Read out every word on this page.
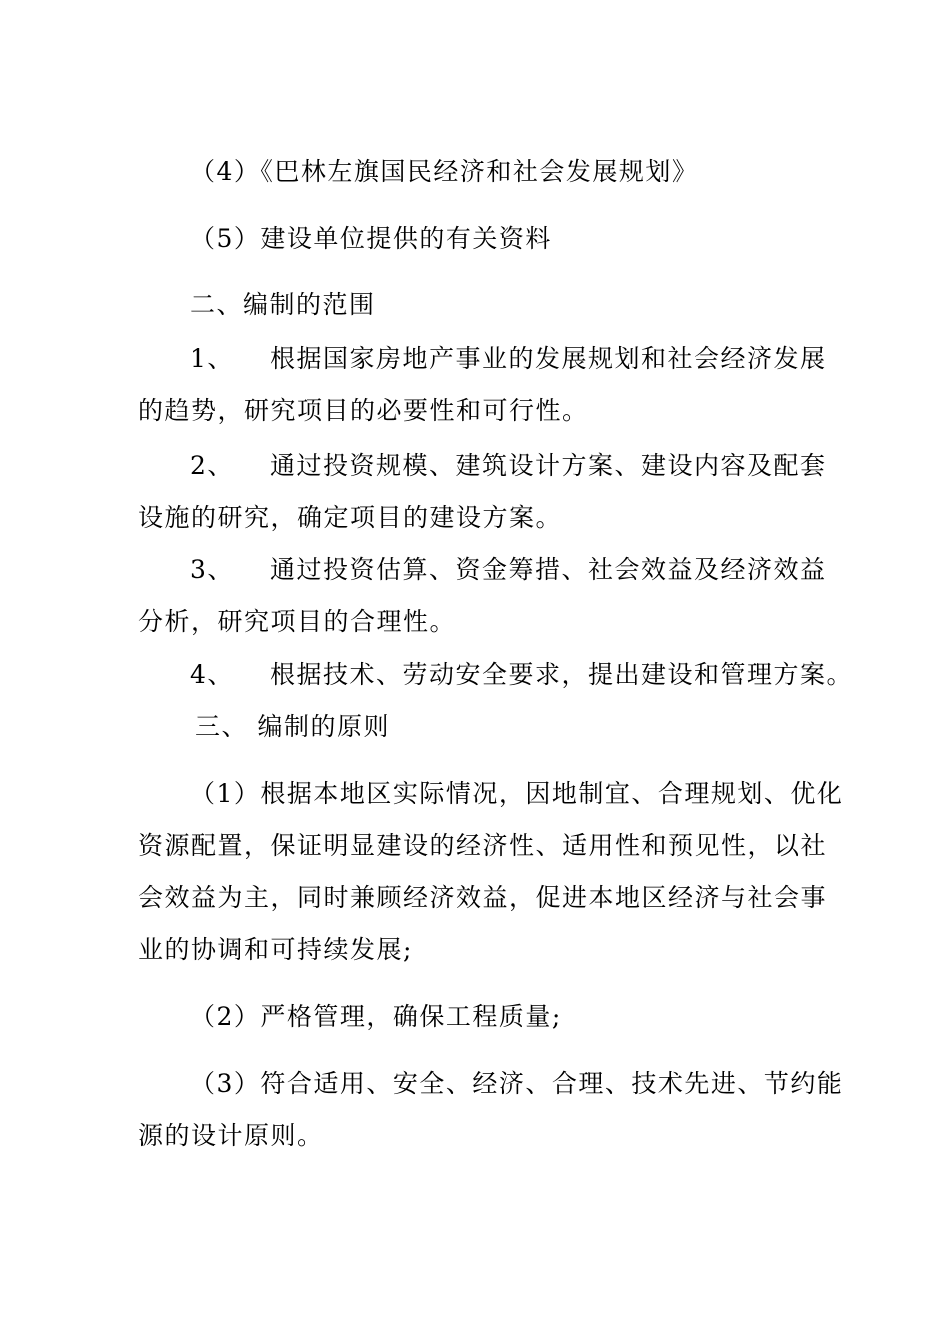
（4）《巴林左旗国民经济和社会发展规划》
（5）建设单位提供的有关资料
二、编制的范围
1、 根据国家房地产事业的发展规划和社会经济发展
的趋势，研究项目的必要性和可行性。
2、 通过投资规模、建筑设计方案、建设内容及配套
设施的研究，确定项目的建设方案。
3、 通过投资估算、资金筹措、社会效益及经济效益
分析，研究项目的合理性。
4、 根据技术、劳动安全要求，提出建设和管理方案。
三、 编制的原则
（1）根据本地区实际情况，因地制宜、合理规划、优化
资源配置，保证明显建设的经济性、适用性和预见性，以社
会效益为主，同时兼顾经济效益，促进本地区经济与社会事
业的协调和可持续发展;
（2）严格管理，确保工程质量;
（3）符合适用、安全、经济、合理、技术先进、节约能
源的设计原则。
